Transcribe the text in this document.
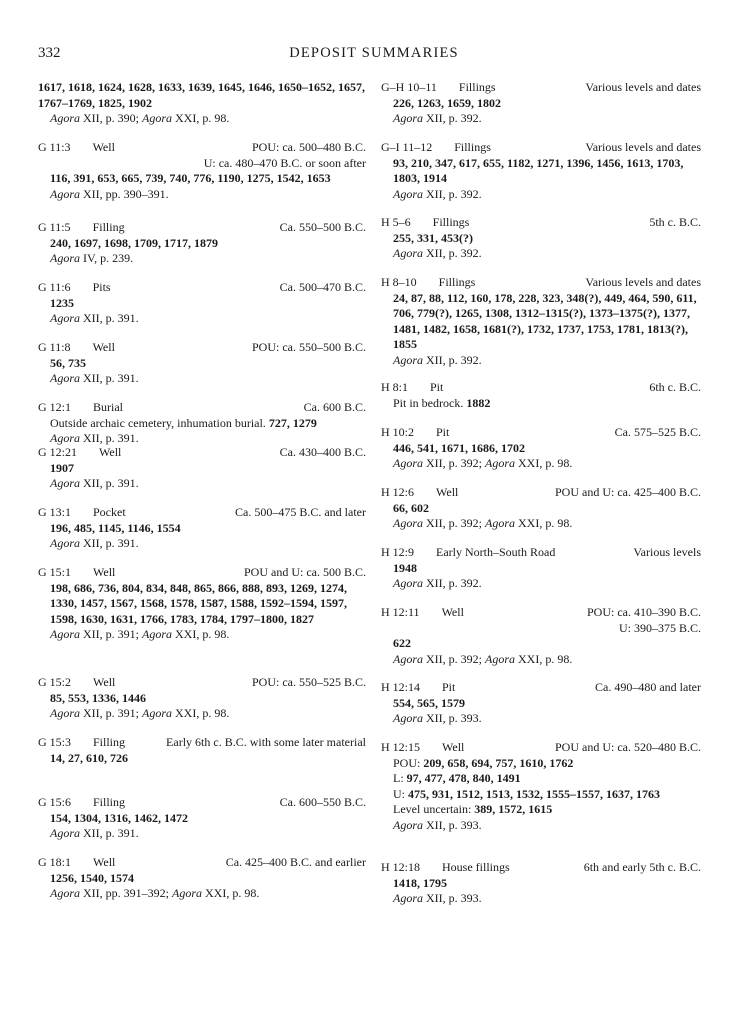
332	DEPOSIT SUMMARIES
1617, 1618, 1624, 1628, 1633, 1639, 1645, 1646, 1650–1652, 1657, 1767–1769, 1825, 1902
Agora XII, p. 390; Agora XXI, p. 98.
G 11:3 Well	POU: ca. 500–480 B.C.
U: ca. 480–470 B.C. or soon after
116, 391, 653, 665, 739, 740, 776, 1190, 1275, 1542, 1653
Agora XII, pp. 390–391.
G 11:5 Filling	Ca. 550–500 B.C.
240, 1697, 1698, 1709, 1717, 1879
Agora IV, p. 239.
G 11:6 Pits	Ca. 500–470 B.C.
1235
Agora XII, p. 391.
G 11:8 Well	POU: ca. 550–500 B.C.
56, 735
Agora XII, p. 391.
G 12:1 Burial	Ca. 600 B.C.
Outside archaic cemetery, inhumation burial. 727, 1279
Agora XII, p. 391.
G 12:21 Well	Ca. 430–400 B.C.
1907
Agora XII, p. 391.
G 13:1 Pocket	Ca. 500–475 B.C. and later
196, 485, 1145, 1146, 1554
Agora XII, p. 391.
G 15:1 Well	POU and U: ca. 500 B.C.
198, 686, 736, 804, 834, 848, 865, 866, 888, 893, 1269, 1274, 1330, 1457, 1567, 1568, 1578, 1587, 1588, 1592–1594, 1597, 1598, 1630, 1631, 1766, 1783, 1784, 1797–1800, 1827
Agora XII, p. 391; Agora XXI, p. 98.
G 15:2 Well	POU: ca. 550–525 B.C.
85, 553, 1336, 1446
Agora XII, p. 391; Agora XXI, p. 98.
G 15:3 Filling	Early 6th c. B.C. with some later material
14, 27, 610, 726
G 15:6 Filling	Ca. 600–550 B.C.
154, 1304, 1316, 1462, 1472
Agora XII, p. 391.
G 18:1 Well	Ca. 425–400 B.C. and earlier
1256, 1540, 1574
Agora XII, pp. 391–392; Agora XXI, p. 98.
G–H 10–11 Fillings	Various levels and dates
226, 1263, 1659, 1802
Agora XII, p. 392.
G–I 11–12 Fillings	Various levels and dates
93, 210, 347, 617, 655, 1182, 1271, 1396, 1456, 1613, 1703, 1803, 1914
Agora XII, p. 392.
H 5–6 Fillings	5th c. B.C.
255, 331, 453(?)
Agora XII, p. 392.
H 8–10 Fillings	Various levels and dates
24, 87, 88, 112, 160, 178, 228, 323, 348(?), 449, 464, 590, 611, 706, 779(?), 1265, 1308, 1312–1315(?), 1373–1375(?), 1377, 1481, 1482, 1658, 1681(?), 1732, 1737, 1753, 1781, 1813(?), 1855
Agora XII, p. 392.
H 8:1 Pit	6th c. B.C.
Pit in bedrock. 1882
H 10:2 Pit	Ca. 575–525 B.C.
446, 541, 1671, 1686, 1702
Agora XII, p. 392; Agora XXI, p. 98.
H 12:6 Well	POU and U: ca. 425–400 B.C.
66, 602
Agora XII, p. 392; Agora XXI, p. 98.
H 12:9 Early North–South Road	Various levels
1948
Agora XII, p. 392.
H 12:11 Well	POU: ca. 410–390 B.C.
U: 390–375 B.C.
622
Agora XII, p. 392; Agora XXI, p. 98.
H 12:14 Pit	Ca. 490–480 and later
554, 565, 1579
Agora XII, p. 393.
H 12:15 Well	POU and U: ca. 520–480 B.C.
POU: 209, 658, 694, 757, 1610, 1762
L: 97, 477, 478, 840, 1491
U: 475, 931, 1512, 1513, 1532, 1555–1557, 1637, 1763
Level uncertain: 389, 1572, 1615
Agora XII, p. 393.
H 12:18 House fillings	6th and early 5th c. B.C.
1418, 1795
Agora XII, p. 393.
